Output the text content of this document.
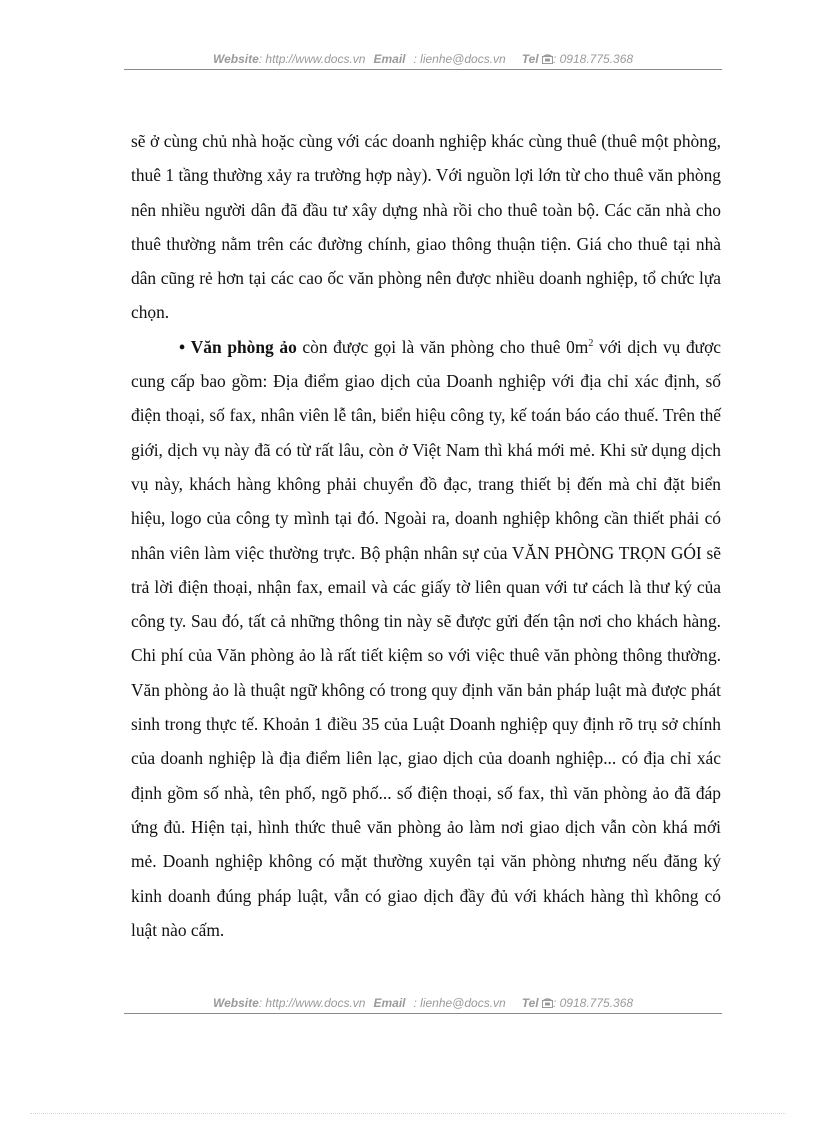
Website: http://www.docs.vn Email : lienhe@docs.vn Tel : 0918.775.368

sẽ ở cùng chủ nhà hoặc cùng với các doanh nghiệp khác cùng thuê (thuê một phòng, thuê 1 tầng thường xảy ra trường hợp này). Với nguồn lợi lớn từ cho thuê văn phòng nên nhiều người dân đã đầu tư xây dựng nhà rồi cho thuê toàn bộ. Các căn nhà cho thuê thường nằm trên các đường chính, giao thông thuận tiện. Giá cho thuê tại nhà dân cũng rẻ hơn tại các cao ốc văn phòng nên được nhiều doanh nghiệp, tổ chức lựa chọn.

• Văn phòng ảo còn được gọi là văn phòng cho thuê $0m^2$ với dịch vụ được cung cấp bao gồm: Địa điểm giao dịch của Doanh nghiệp với địa chỉ xác định, số điện thoại, số fax, nhân viên lễ tân, biển hiệu công ty, kế toán báo cáo thuế. Trên thế giới, dịch vụ này đã có từ rất lâu, còn ở Việt Nam thì khá mới mẻ. Khi sử dụng dịch vụ này, khách hàng không phải chuyển đồ đạc, trang thiết bị đến mà chỉ đặt biển hiệu, logo của công ty mình tại đó. Ngoài ra, doanh nghiệp không cần thiết phải có nhân viên làm việc thường trực. Bộ phận nhân sự của VĂN PHÒNG TRỌN GÓI sẽ trả lời điện thoại, nhận fax, email và các giấy tờ liên quan với tư cách là thư ký của công ty. Sau đó, tất cả những thông tin này sẽ được gửi đến tận nơi cho khách hàng. Chi phí của Văn phòng ảo là rất tiết kiệm so với việc thuê văn phòng thông thường. Văn phòng ảo là thuật ngữ không có trong quy định văn bản pháp luật mà được phát sinh trong thực tế. Khoản 1 điều 35 của Luật Doanh nghiệp quy định rõ trụ sở chính của doanh nghiệp là địa điểm liên lạc, giao dịch của doanh nghiệp... có địa chỉ xác định gồm số nhà, tên phố, ngõ phố... số điện thoại, số fax, thì văn phòng ảo đã đáp ứng đủ. Hiện tại, hình thức thuê văn phòng ảo làm nơi giao dịch vẫn còn khá mới mẻ. Doanh nghiệp không có mặt thường xuyên tại văn phòng nhưng nếu đăng ký kinh doanh đúng pháp luật, vẫn có giao dịch đầy đủ với khách hàng thì không có luật nào cấm.

Website: http://www.docs.vn Email : lienhe@docs.vn Tel : 0918.775.368
